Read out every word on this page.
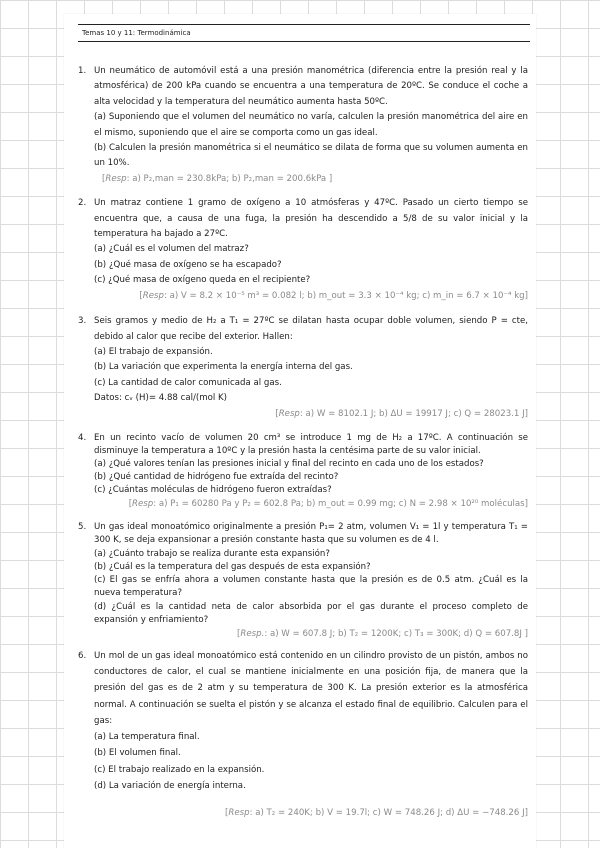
Temas 10 y 11: Termodinámica
1. Un neumático de automóvil está a una presión manométrica (diferencia entre la presión real y la atmosférica) de 200 kPa cuando se encuentra a una temperatura de 20ºC. Se conduce el coche a alta velocidad y la temperatura del neumático aumenta hasta 50ºC.
(a) Suponiendo que el volumen del neumático no varía, calculen la presión manométrica del aire en el mismo, suponiendo que el aire se comporta como un gas ideal.
(b) Calculen la presión manométrica si el neumático se dilata de forma que su volumen aumenta en un 10%.
[Resp: a) P₂,man = 230.8kPa; b) P₂,man = 200.6kPa ]
2. Un matraz contiene 1 gramo de oxígeno a 10 atmósferas y 47ºC. Pasado un cierto tiempo se encuentra que, a causa de una fuga, la presión ha descendido a 5/8 de su valor inicial y la temperatura ha bajado a 27ºC.
(a) ¿Cuál es el volumen del matraz?
(b) ¿Qué masa de oxígeno se ha escapado?
(c) ¿Qué masa de oxígeno queda en el recipiente?
[Resp: a) V = 8.2 × 10⁻⁵ m³ = 0.082 l; b) m_out = 3.3 × 10⁻⁴ kg; c) m_in = 6.7 × 10⁻⁴ kg]
3. Seis gramos y medio de H₂ a T₁ = 27ºC se dilatan hasta ocupar doble volumen, siendo P = cte, debido al calor que recibe del exterior. Hallen:
(a) El trabajo de expansión.
(b) La variación que experimenta la energía interna del gas.
(c) La cantidad de calor comunicada al gas.
Datos: cᵥ (H)= 4.88 cal/(mol K)
[Resp: a) W = 8102.1 J; b) ΔU = 19917 J; c) Q = 28023.1 J]
4. En un recinto vacío de volumen 20 cm³ se introduce 1 mg de H₂ a 17ºC. A continuación se disminuye la temperatura a 10ºC y la presión hasta la centésima parte de su valor inicial.
(a) ¿Qué valores tenían las presiones inicial y final del recinto en cada uno de los estados?
(b) ¿Qué cantidad de hidrógeno fue extraída del recinto?
(c) ¿Cuántas moléculas de hidrógeno fueron extraídas?
[Resp: a) P₁ = 60280 Pa y P₂ = 602.8 Pa; b) m_out = 0.99 mg; c) N = 2.98 × 10²⁰ moléculas]
5. Un gas ideal monoatómico originalmente a presión P₁= 2 atm, volumen V₁ = 1l y temperatura T₁ = 300 K, se deja expansionar a presión constante hasta que su volumen es de 4 l.
(a) ¿Cuánto trabajo se realiza durante esta expansión?
(b) ¿Cuál es la temperatura del gas después de esta expansión?
(c) El gas se enfría ahora a volumen constante hasta que la presión es de 0.5 atm. ¿Cuál es la nueva temperatura?
(d) ¿Cuál es la cantidad neta de calor absorbida por el gas durante el proceso completo de expansión y enfriamiento?
[Resp.: a) W = 607.8 J; b) T₂ = 1200K; c) T₃ = 300K; d) Q = 607.8J ]
6. Un mol de un gas ideal monoatómico está contenido en un cilindro provisto de un pistón, ambos no conductores de calor, el cual se mantiene inicialmente en una posición fija, de manera que la presión del gas es de 2 atm y su temperatura de 300 K. La presión exterior es la atmosférica normal. A continuación se suelta el pistón y se alcanza el estado final de equilibrio. Calculen para el gas:
(a) La temperatura final.
(b) El volumen final.
(c) El trabajo realizado en la expansión.
(d) La variación de energía interna.
[Resp: a) T₂ = 240K; b) V = 19.7l; c) W = 748.26 J; d) ΔU = −748.26 J]
